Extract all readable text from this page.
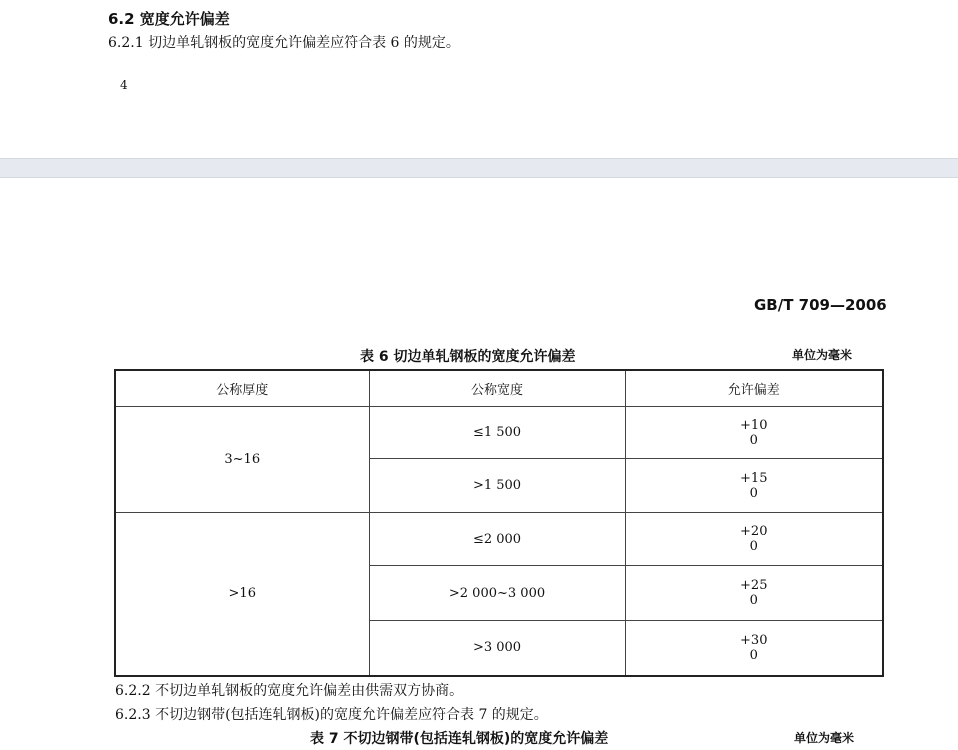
6.2 宽度允许偏差
6.2.1 切边单轧钢板的宽度允许偏差应符合表 6 的规定。
4
GB/T 709—2006
表 6 切边单轧钢板的宽度允许偏差	单位为毫米
公称厚度	公称宽度	允许偏差
3~16	≤1 500	+10
0

	>1 500	+15
0

>16	≤2 000	+20
0

	>2 000~3 000	+25
0

	>3 000	+30
0
6.2.2 不切边单轧钢板的宽度允许偏差由供需双方协商。
6.2.3 不切边钢带(包括连轧钢板)的宽度允许偏差应符合表 7 的规定。
表 7 不切边钢带(包括连轧钢板)的宽度允许偏差	单位为毫米
